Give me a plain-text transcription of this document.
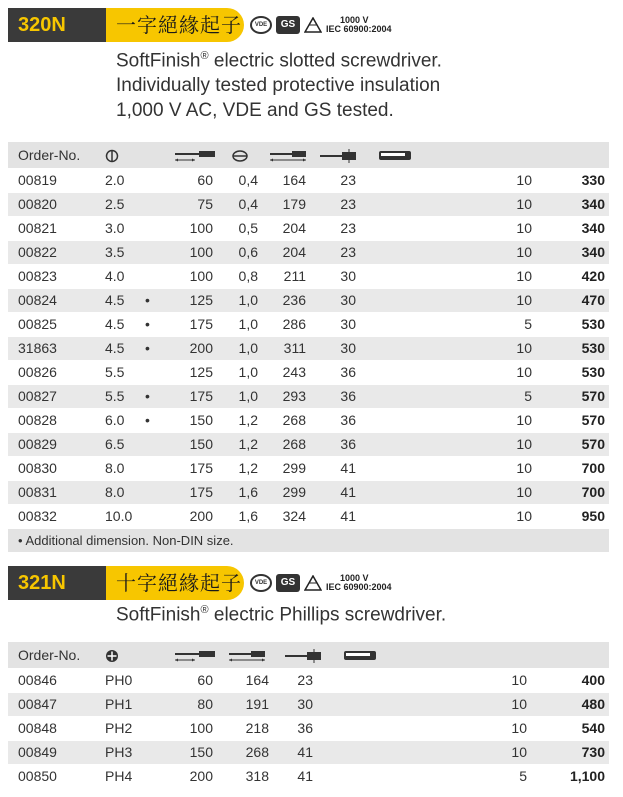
320N	一字絕緣起子	VDE	GS	1000 V
IEC 60900:2004
SoftFinish® electric slotted screwdriver.
Individually tested protective insulation
1,000 V AC, VDE and GS tested.
Order-No.							
00819	2.0		60	0,4	164	23	10	330
00820	2.5		75	0,4	179	23	10	340
00821	3.0		100	0,5	204	23	10	340
00822	3.5		100	0,6	204	23	10	340
00823	4.0		100	0,8	211	30	10	420
00824	4.5	•	125	1,0	236	30	10	470
00825	4.5	•	175	1,0	286	30	5	530
31863	4.5	•	200	1,0	311	30	10	530
00826	5.5		125	1,0	243	36	10	530
00827	5.5	•	175	1,0	293	36	5	570
00828	6.0	•	150	1,2	268	36	10	570
00829	6.5		150	1,2	268	36	10	570
00830	8.0		175	1,2	299	41	10	700
00831	8.0		175	1,6	299	41	10	700
00832	10.0		200	1,6	324	41	10	950
• Additional dimension. Non-DIN size.								
321N	十字絕緣起子	VDE	GS	1000 V
IEC 60900:2004
SoftFinish® electric Phillips screwdriver.
Order-No.					
00846	PH0	60	164	23	10	400
00847	PH1	80	191	30	10	480
00848	PH2	100	218	36	10	540
00849	PH3	150	268	41	10	730
00850	PH4	200	318	41	5	1,100
